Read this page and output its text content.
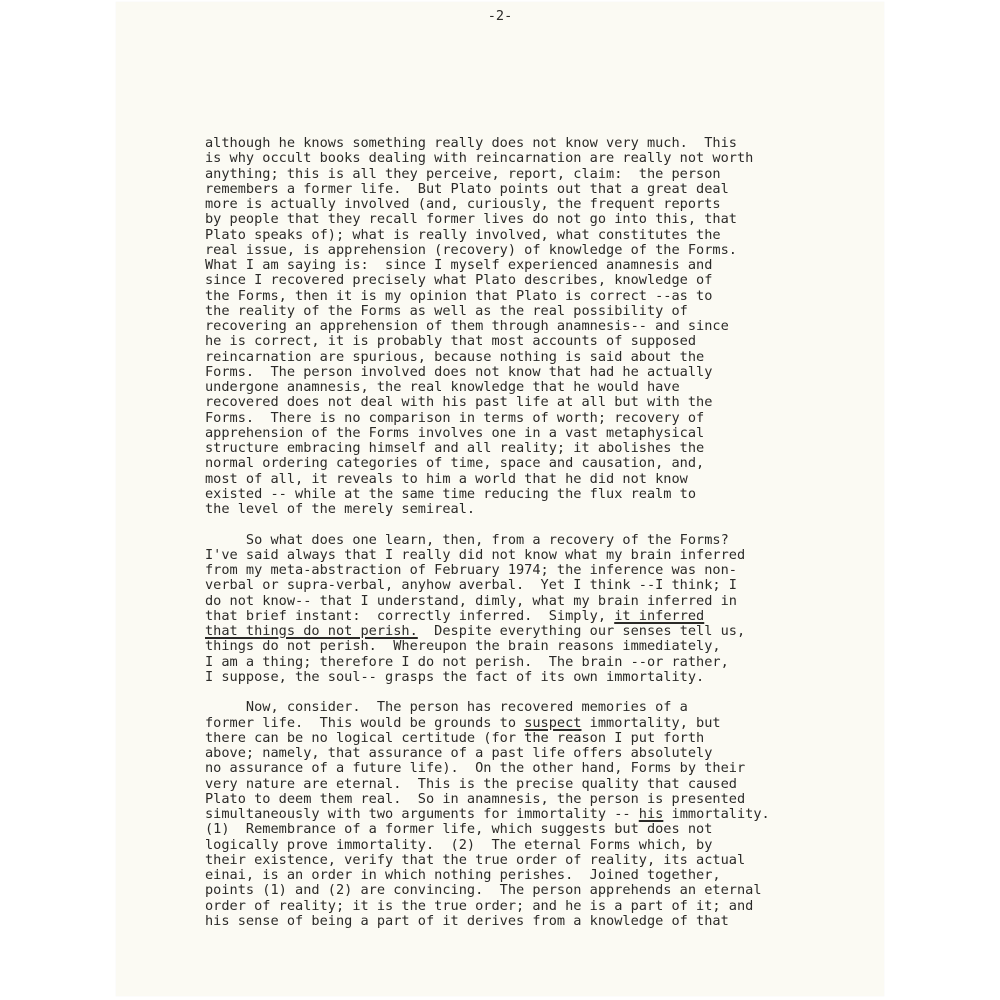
-2-
although he knows something really does not know very much.  This
is why occult books dealing with reincarnation are really not worth
anything; this is all they perceive, report, claim:  the person
remembers a former life.  But Plato points out that a great deal
more is actually involved (and, curiously, the frequent reports
by people that they recall former lives do not go into this, that
Plato speaks of); what is really involved, what constitutes the
real issue, is apprehension (recovery) of knowledge of the Forms.
What I am saying is:  since I myself experienced anamnesis and
since I recovered precisely what Plato describes, knowledge of
the Forms, then it is my opinion that Plato is correct --as to
the reality of the Forms as well as the real possibility of
recovering an apprehension of them through anamnesis-- and since
he is correct, it is probably that most accounts of supposed
reincarnation are spurious, because nothing is said about the
Forms.  The person involved does not know that had he actually
undergone anamnesis, the real knowledge that he would have
recovered does not deal with his past life at all but with the
Forms.  There is no comparison in terms of worth; recovery of
apprehension of the Forms involves one in a vast metaphysical
structure embracing himself and all reality; it abolishes the
normal ordering categories of time, space and causation, and,
most of all, it reveals to him a world that he did not know
existed -- while at the same time reducing the flux realm to
the level of the merely semireal.
So what does one learn, then, from a recovery of the Forms?
I've said always that I really did not know what my brain inferred
from my meta-abstraction of February 1974; the inference was non-
verbal or supra-verbal, anyhow averbal.  Yet I think --I think; I
do not know-- that I understand, dimly, what my brain inferred in
that brief instant:  correctly inferred.  Simply, it inferred
that things do not perish.  Despite everything our senses tell us,
things do not perish.  Whereupon the brain reasons immediately,
I am a thing; therefore I do not perish.  The brain --or rather,
I suppose, the soul-- grasps the fact of its own immortality.
Now, consider.  The person has recovered memories of a
former life.  This would be grounds to suspect immortality, but
there can be no logical certitude (for the reason I put forth
above; namely, that assurance of a past life offers absolutely
no assurance of a future life).  On the other hand, Forms by their
very nature are eternal.  This is the precise quality that caused
Plato to deem them real.  So in anamnesis, the person is presented
simultaneously with two arguments for immortality -- his immortality.
(1)  Remembrance of a former life, which suggests but does not
logically prove immortality.  (2)  The eternal Forms which, by
their existence, verify that the true order of reality, its actual
einai, is an order in which nothing perishes.  Joined together,
points (1) and (2) are convincing.  The person apprehends an eternal
order of reality; it is the true order; and he is a part of it; and
his sense of being a part of it derives from a knowledge of that
